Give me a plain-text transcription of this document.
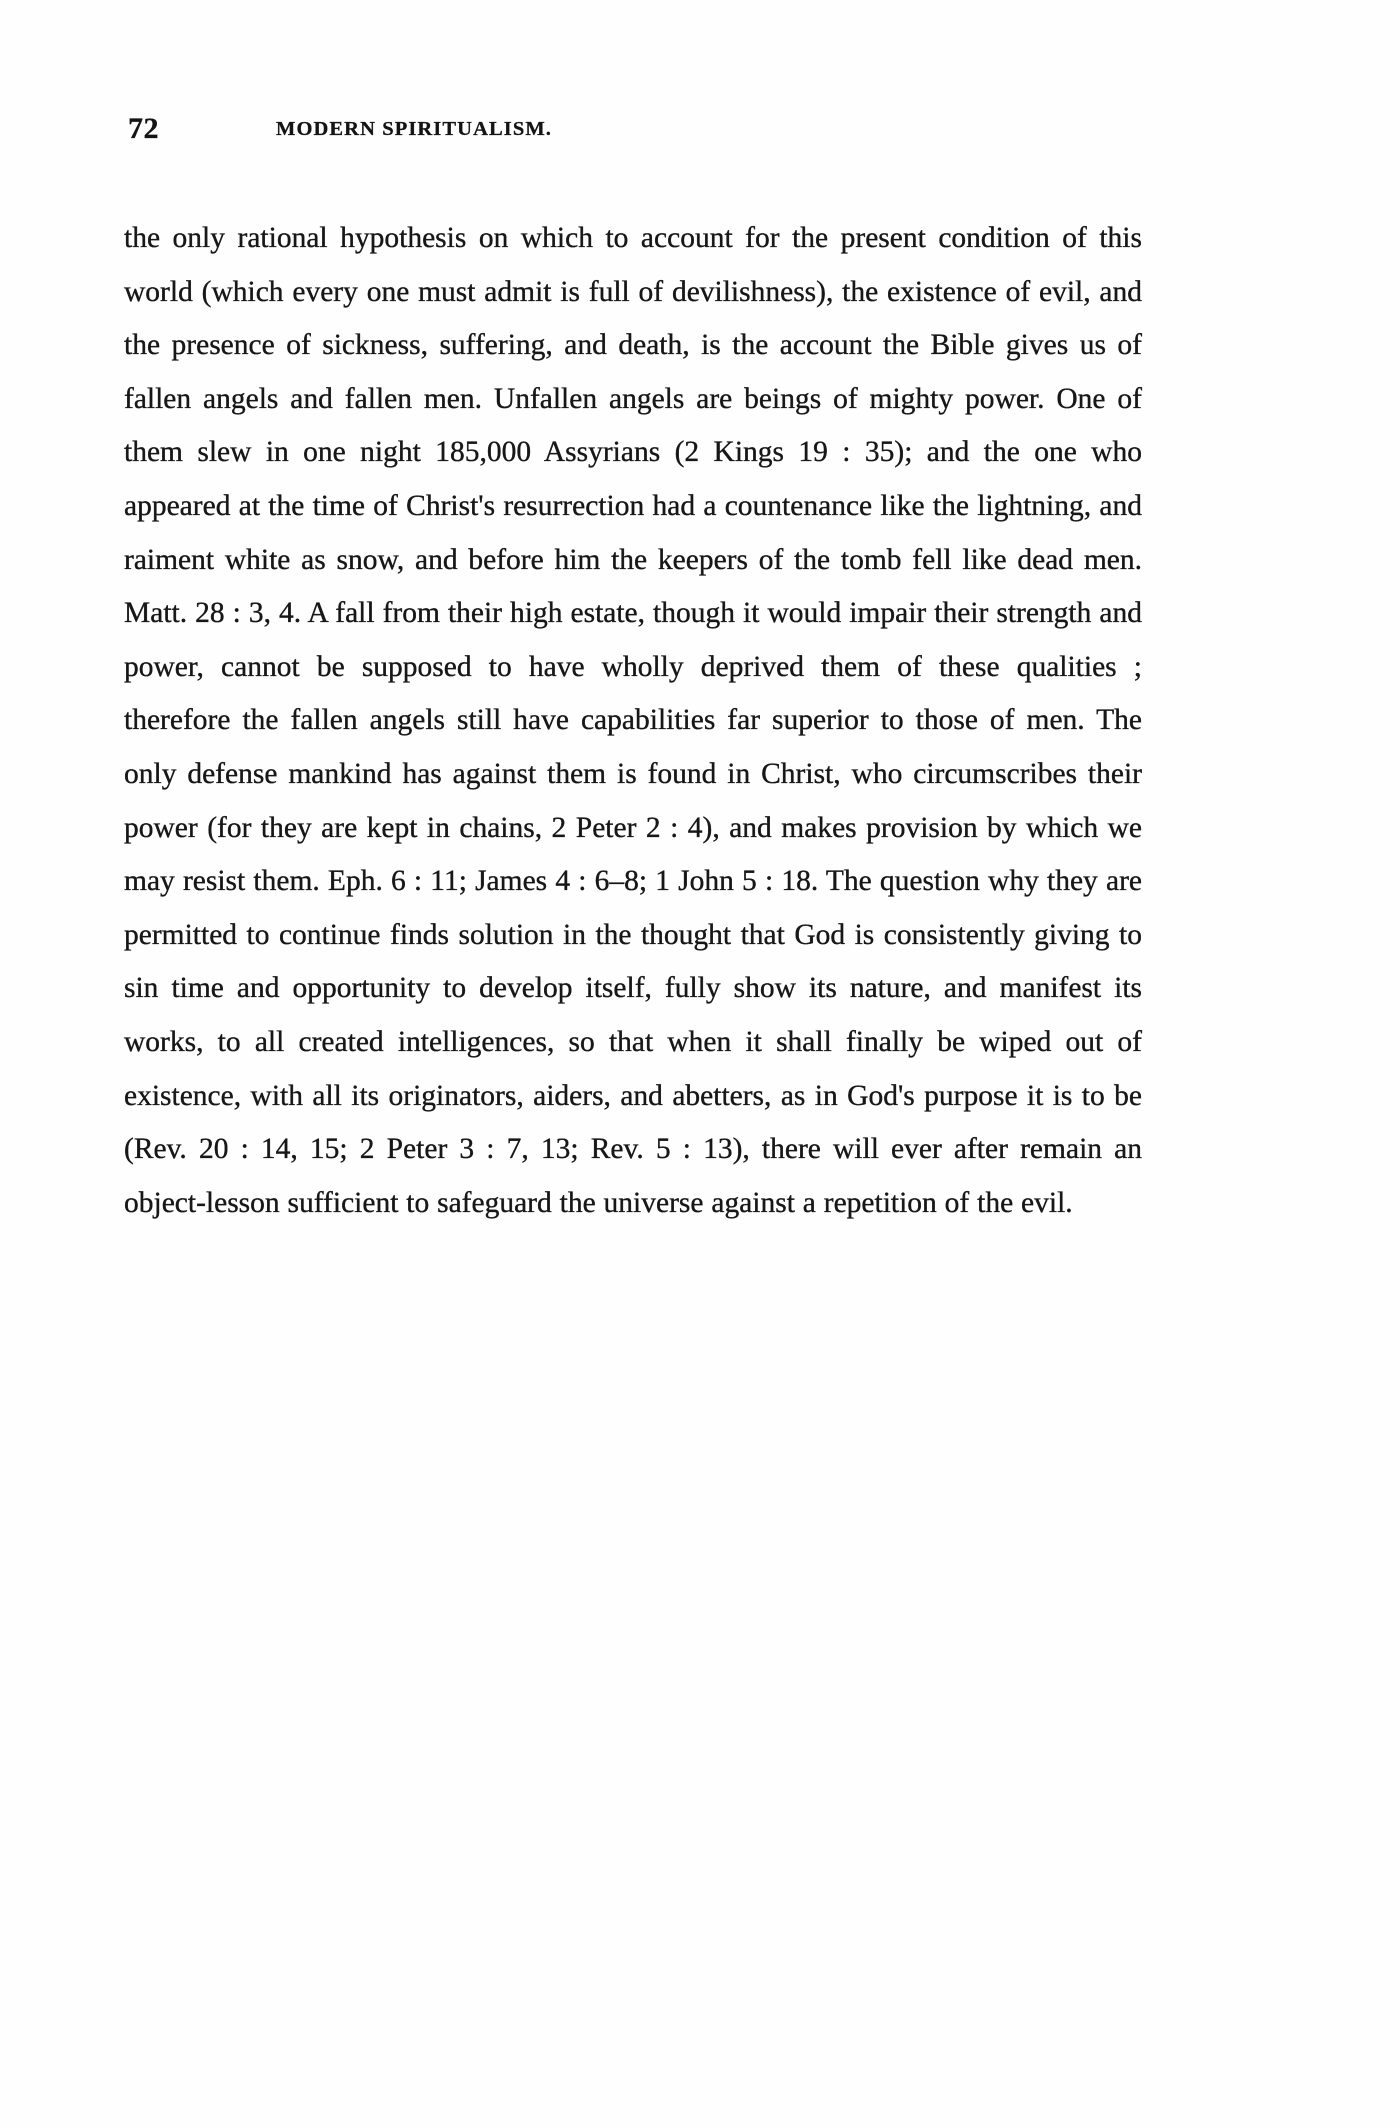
72	MODERN SPIRITUALISM.

the only rational hypothesis on which to account for the present condition of this world (which every one must admit is full of devilishness), the existence of evil, and the presence of sickness, suffering, and death, is the account the Bible gives us of fallen angels and fallen men. Unfallen angels are beings of mighty power. One of them slew in one night 185,000 Assyrians (2 Kings 19 : 35); and the one who appeared at the time of Christ's resurrection had a countenance like the lightning, and raiment white as snow, and before him the keepers of the tomb fell like dead men. Matt. 28 : 3, 4. A fall from their high estate, though it would impair their strength and power, cannot be supposed to have wholly deprived them of these qualities ; therefore the fallen angels still have capabilities far superior to those of men. The only defense mankind has against them is found in Christ, who circumscribes their power (for they are kept in chains, 2 Peter 2 : 4), and makes provision by which we may resist them. Eph. 6 : 11; James 4 : 6–8; 1 John 5 : 18. The question why they are permitted to continue finds solution in the thought that God is consistently giving to sin time and opportunity to develop itself, fully show its nature, and manifest its works, to all created intelligences, so that when it shall finally be wiped out of existence, with all its originators, aiders, and abetters, as in God's purpose it is to be (Rev. 20 : 14, 15; 2 Peter 3 : 7, 13; Rev. 5 : 13), there will ever after remain an object-lesson sufficient to safeguard the universe against a repetition of the evil.
